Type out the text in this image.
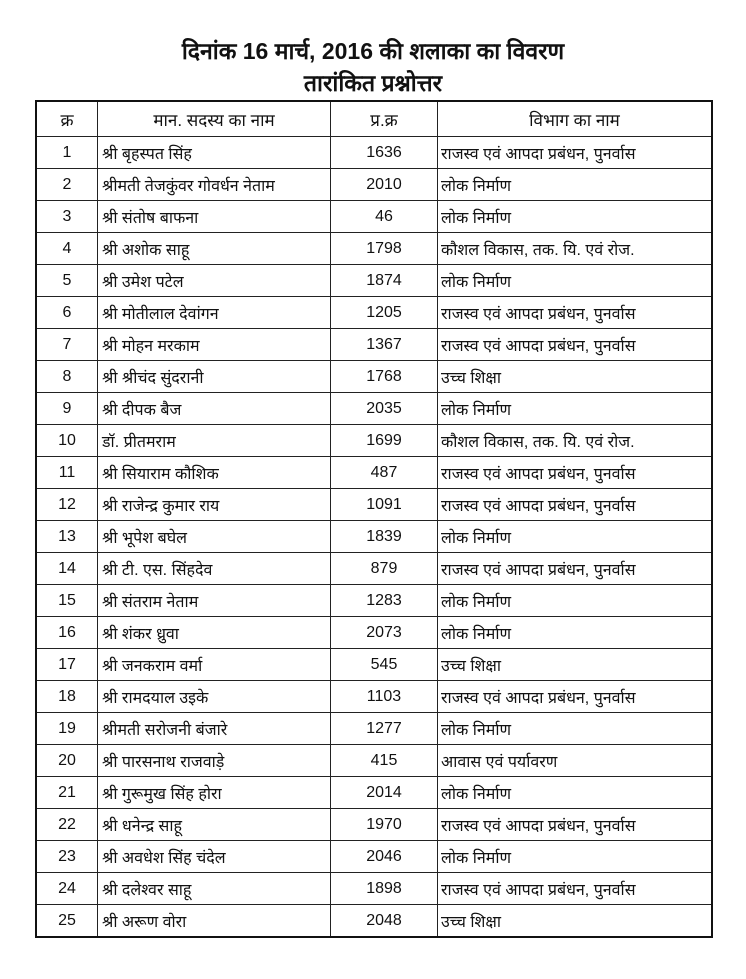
दिनांक 16 मार्च, 2016 की शलाका का विवरण
तारांकित प्रश्नोत्तर
क्र	मान. सदस्य का नाम	प्र.क्र	विभाग का नाम
1	श्री बृहस्पत सिंह	1636	राजस्व एवं आपदा प्रबंधन, पुनर्वास
2	श्रीमती तेजकुंवर गोवर्धन नेताम	2010	लोक निर्माण
3	श्री संतोष बाफना	46	लोक निर्माण
4	श्री अशोक साहू	1798	कौशल विकास, तक. यि. एवं रोज.
5	श्री उमेश पटेल	1874	लोक निर्माण
6	श्री मोतीलाल देवांगन	1205	राजस्व एवं आपदा प्रबंधन, पुनर्वास
7	श्री मोहन मरकाम	1367	राजस्व एवं आपदा प्रबंधन, पुनर्वास
8	श्री श्रीचंद सुंदरानी	1768	उच्च शिक्षा
9	श्री दीपक बैज	2035	लोक निर्माण
10	डॉ. प्रीतमराम	1699	कौशल विकास, तक. यि. एवं रोज.
11	श्री सियाराम कौशिक	487	राजस्व एवं आपदा प्रबंधन, पुनर्वास
12	श्री राजेन्द्र कुमार राय	1091	राजस्व एवं आपदा प्रबंधन, पुनर्वास
13	श्री भूपेश बघेल	1839	लोक निर्माण
14	श्री टी. एस. सिंहदेव	879	राजस्व एवं आपदा प्रबंधन, पुनर्वास
15	श्री संतराम नेताम	1283	लोक निर्माण
16	श्री शंकर ध्रुवा	2073	लोक निर्माण
17	श्री जनकराम वर्मा	545	उच्च शिक्षा
18	श्री रामदयाल उइके	1103	राजस्व एवं आपदा प्रबंधन, पुनर्वास
19	श्रीमती सरोजनी बंजारे	1277	लोक निर्माण
20	श्री पारसनाथ राजवाड़े	415	आवास एवं पर्यावरण
21	श्री गुरूमुख सिंह होरा	2014	लोक निर्माण
22	श्री धनेन्द्र साहू	1970	राजस्व एवं आपदा प्रबंधन, पुनर्वास
23	श्री अवधेश सिंह चंदेल	2046	लोक निर्माण
24	श्री दलेश्वर साहू	1898	राजस्व एवं आपदा प्रबंधन, पुनर्वास
25	श्री अरूण वोरा	2048	उच्च शिक्षा
